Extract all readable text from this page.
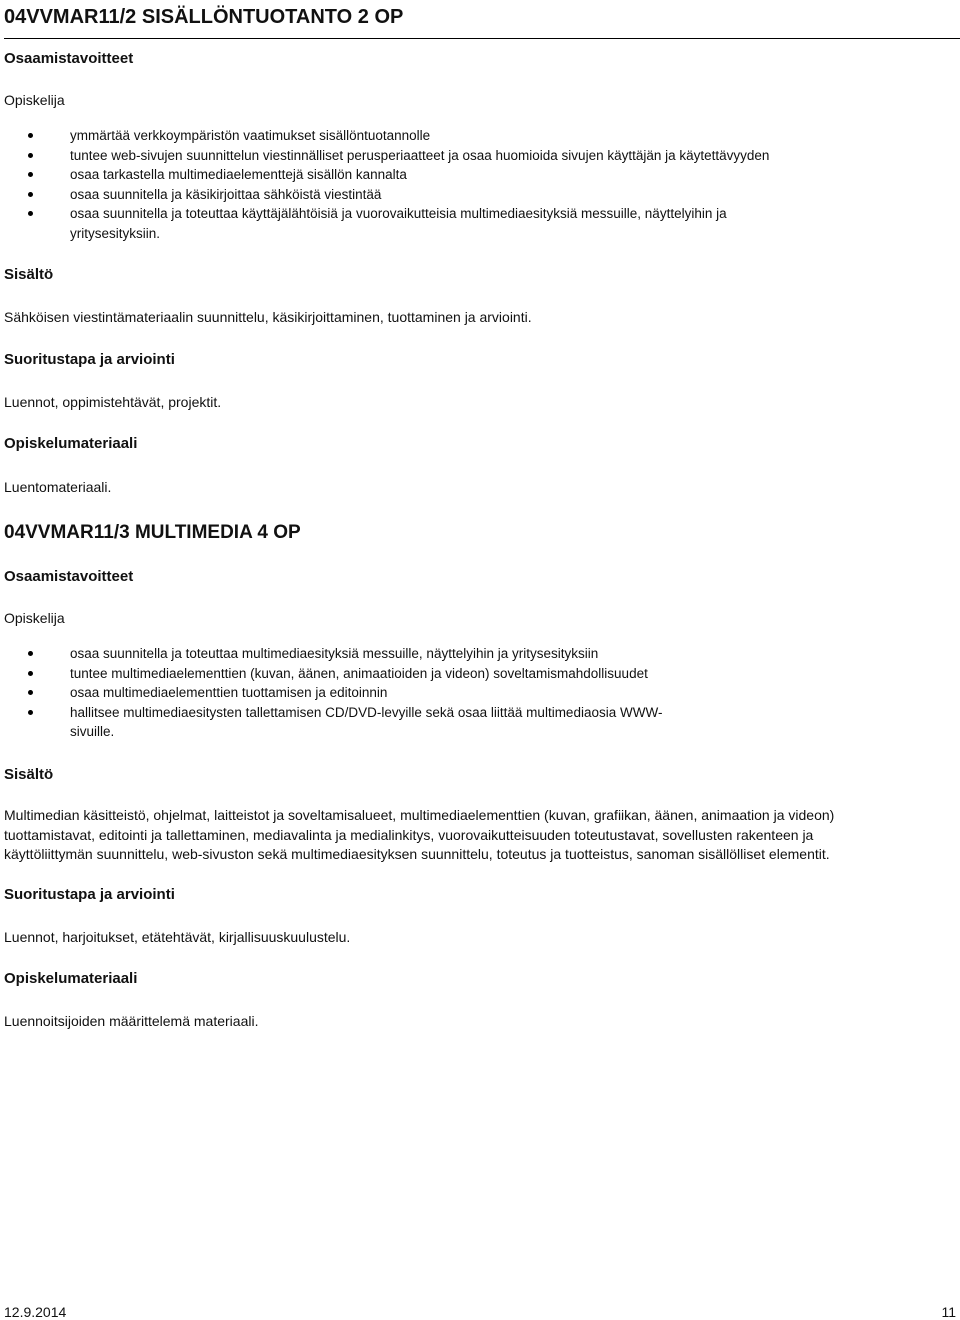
04VVMAR11/2 SISÄLLÖNTUOTANTO 2 OP
Osaamistavoitteet
Opiskelija
ymmärtää verkkoympäristön vaatimukset sisällöntuotannolle
tuntee web-sivujen suunnittelun viestinnälliset perusperiaatteet ja osaa huomioida sivujen käyttäjän ja käytettävyyden
osaa tarkastella multimediaelementtejä sisällön kannalta
osaa suunnitella ja käsikirjoittaa sähköistä viestintää
osaa suunnitella ja toteuttaa käyttäjälähtöisiä ja vuorovaikutteisia multimediaesityksiä messuille, näyttelyihin ja
yritysesityksiin.
Sisältö
Sähköisen viestintämateriaalin suunnittelu, käsikirjoittaminen, tuottaminen ja arviointi.
Suoritustapa ja arviointi
Luennot, oppimistehtävät, projektit.
Opiskelumateriaali
Luentomateriaali.
04VVMAR11/3 MULTIMEDIA 4 OP
Osaamistavoitteet
Opiskelija
osaa suunnitella ja toteuttaa multimediaesityksiä messuille, näyttelyihin ja yritysesityksiin
tuntee multimediaelementtien (kuvan, äänen, animaatioiden ja videon) soveltamismahdollisuudet
osaa multimediaelementtien tuottamisen ja editoinnin
hallitsee multimediaesitysten tallettamisen CD/DVD-levyille sekä osaa liittää multimediaosia WWW-
sivuille.
Sisältö
Multimedian käsitteistö, ohjelmat, laitteistot ja soveltamisalueet, multimediaelementtien (kuvan, grafiikan, äänen, animaation ja videon)
tuottamistavat, editointi ja tallettaminen, mediavalinta ja medialinkitys, vuorovaikutteisuuden toteutustavat, sovellusten rakenteen ja
käyttöliittymän suunnittelu, web-sivuston sekä multimediaesityksen suunnittelu, toteutus ja tuotteistus, sanoman sisällölliset elementit.
Suoritustapa ja arviointi
Luennot, harjoitukset, etätehtävät, kirjallisuuskuulustelu.
Opiskelumateriaali
Luennoitsijoiden määrittelemä materiaali.
12.9.2014	11
